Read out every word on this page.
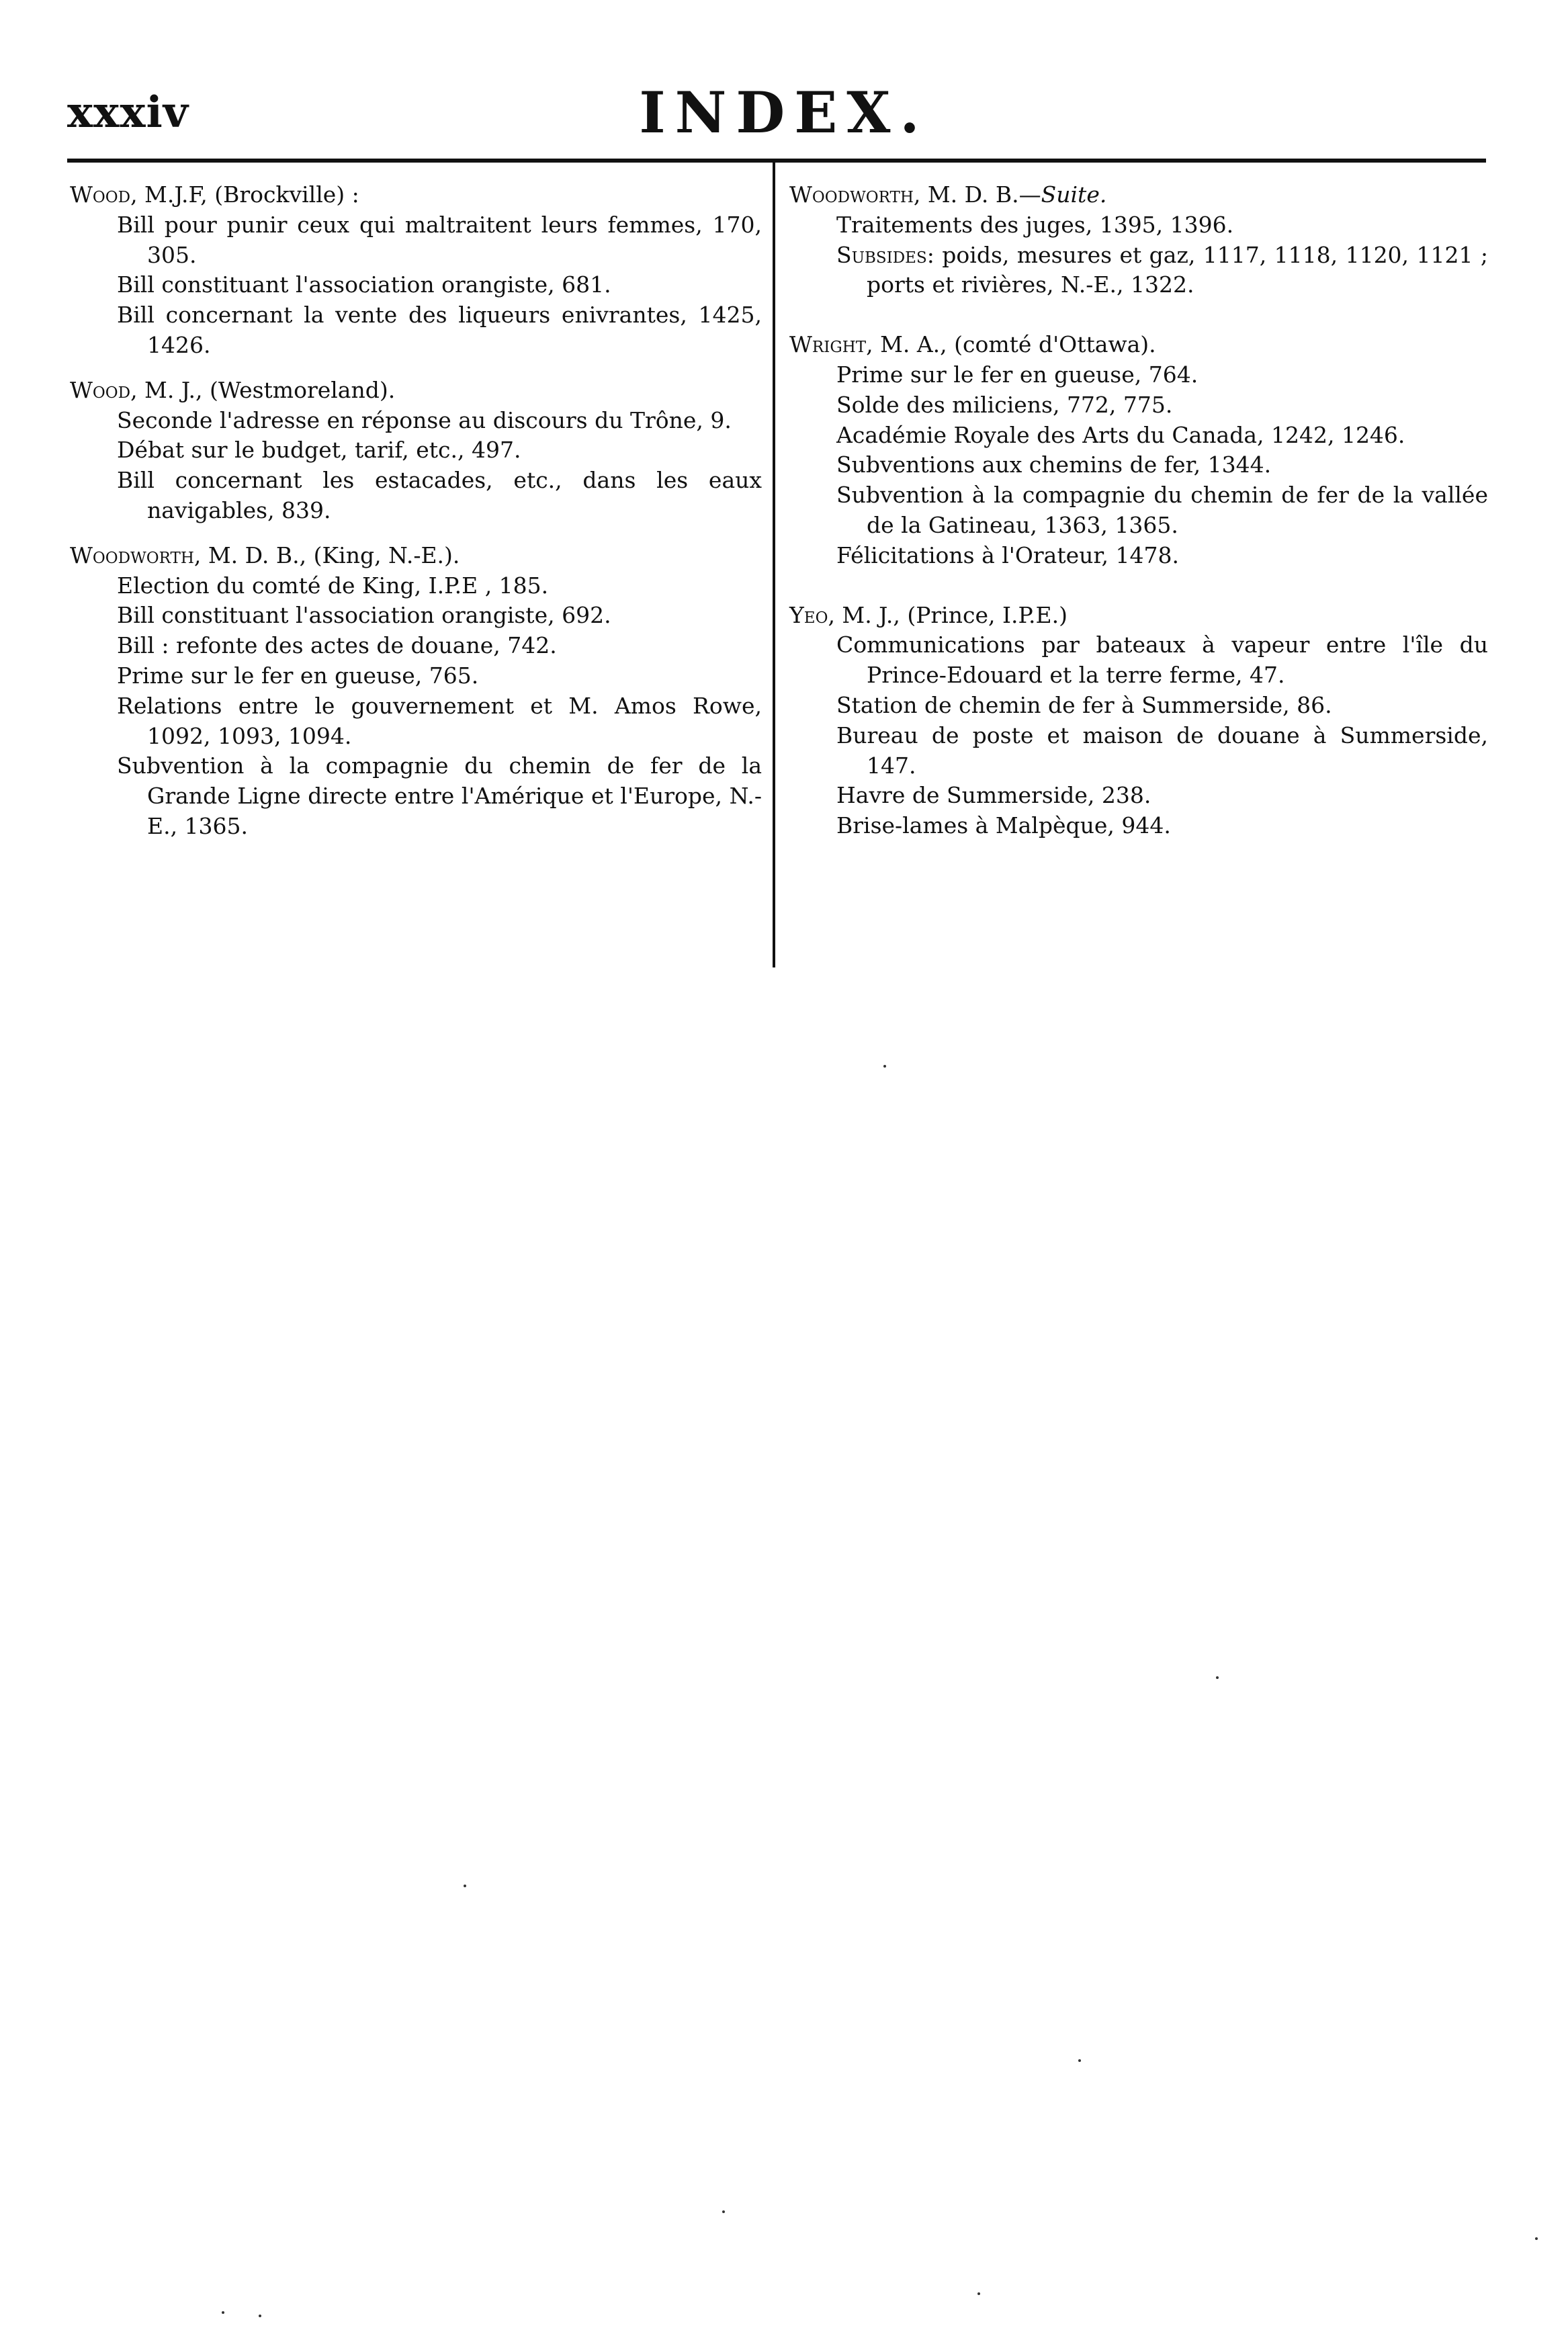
xxxiv	INDEX.
Wood, M.J.F, (Brockville) :
Bill pour punir ceux qui maltraitent leurs femmes, 170, 305.
Bill constituant l'association orangiste, 681.
Bill concernant la vente des liqueurs enivrantes, 1425, 1426.
Wood, M. J., (Westmoreland).
Seconde l'adresse en réponse au discours du Trône, 9.
Débat sur le budget, tarif, etc., 497.
Bill concernant les estacades, etc., dans les eaux navigables, 839.
Woodworth, M. D. B., (King, N.-E.).
Election du comté de King, I.P.E , 185.
Bill constituant l'association orangiste, 692.
Bill : refonte des actes de douane, 742.
Prime sur le fer en gueuse, 765.
Relations entre le gouvernement et M. Amos Rowe, 1092, 1093, 1094.
Subvention à la compagnie du chemin de fer de la Grande Ligne directe entre l'Amérique et l'Europe, N.-E., 1365.
Woodworth, M. D. B.—Suite.
Traitements des juges, 1395, 1396.
Subsides: poids, mesures et gaz, 1117, 1118, 1120, 1121 ; ports et rivières, N.-E., 1322.
Wright, M. A., (comté d'Ottawa).
Prime sur le fer en gueuse, 764.
Solde des miliciens, 772, 775.
Académie Royale des Arts du Canada, 1242, 1246.
Subventions aux chemins de fer, 1344.
Subvention à la compagnie du chemin de fer de la vallée de la Gatineau, 1363, 1365.
Félicitations à l'Orateur, 1478.
Yeo, M. J., (Prince, I.P.E.)
Communications par bateaux à vapeur entre l'île du Prince-Edouard et la terre ferme, 47.
Station de chemin de fer à Summerside, 86.
Bureau de poste et maison de douane à Summerside, 147.
Havre de Summerside, 238.
Brise-lames à Malpèque, 944.
